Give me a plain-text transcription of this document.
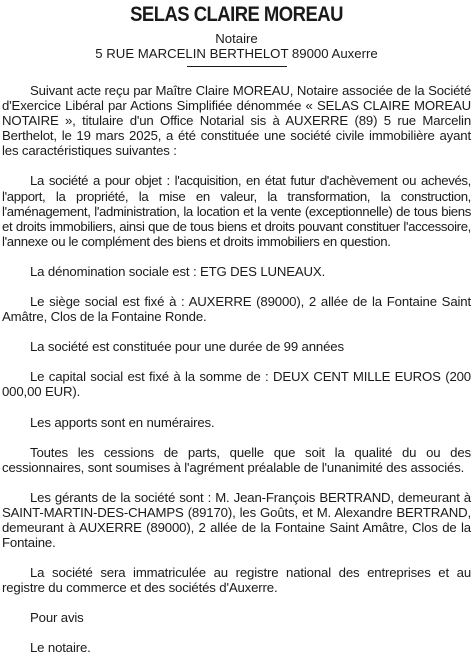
SELAS CLAIRE MOREAU
Notaire
5 RUE MARCELIN BERTHELOT 89000 Auxerre

Suivant acte reçu par Maître Claire MOREAU, Notaire associée de la Société d'Exercice Libéral par Actions Simplifiée dénommée « SELAS CLAIRE MOREAU NOTAIRE », titulaire d'un Office Notarial sis à AUXERRE (89) 5 rue Marcelin Berthelot, le 19 mars 2025, a été constituée une société civile immobilière ayant les caractéristiques suivantes :

La société a pour objet : l'acquisition, en état futur d'achèvement ou achevés, l'apport, la propriété, la mise en valeur, la transformation, la construction, l'aménagement, l'administration, la location et la vente (exceptionnelle) de tous biens et droits immobiliers, ainsi que de tous biens et droits pouvant constituer l'accessoire, l'annexe ou le complément des biens et droits immobiliers en question.

La dénomination sociale est : ETG DES LUNEAUX.

Le siège social est fixé à : AUXERRE (89000), 2 allée de la Fontaine Saint Amâtre, Clos de la Fontaine Ronde.

La société est constituée pour une durée de 99 années

Le capital social est fixé à la somme de : DEUX CENT MILLE EUROS (200 000,00 EUR).

Les apports sont en numéraires.

Toutes les cessions de parts, quelle que soit la qualité du ou des cessionnaires, sont soumises à l'agrément préalable de l'unanimité des associés.

Les gérants de la société sont : M. Jean-François BERTRAND, demeurant à SAINT-MARTIN-DES-CHAMPS (89170), les Goûts, et M. Alexandre BERTRAND, demeurant à AUXERRE (89000), 2 allée de la Fontaine Saint Amâtre, Clos de la Fontaine.

La société sera immatriculée au registre national des entreprises et au registre du commerce et des sociétés d'Auxerre.

Pour avis

Le notaire.
